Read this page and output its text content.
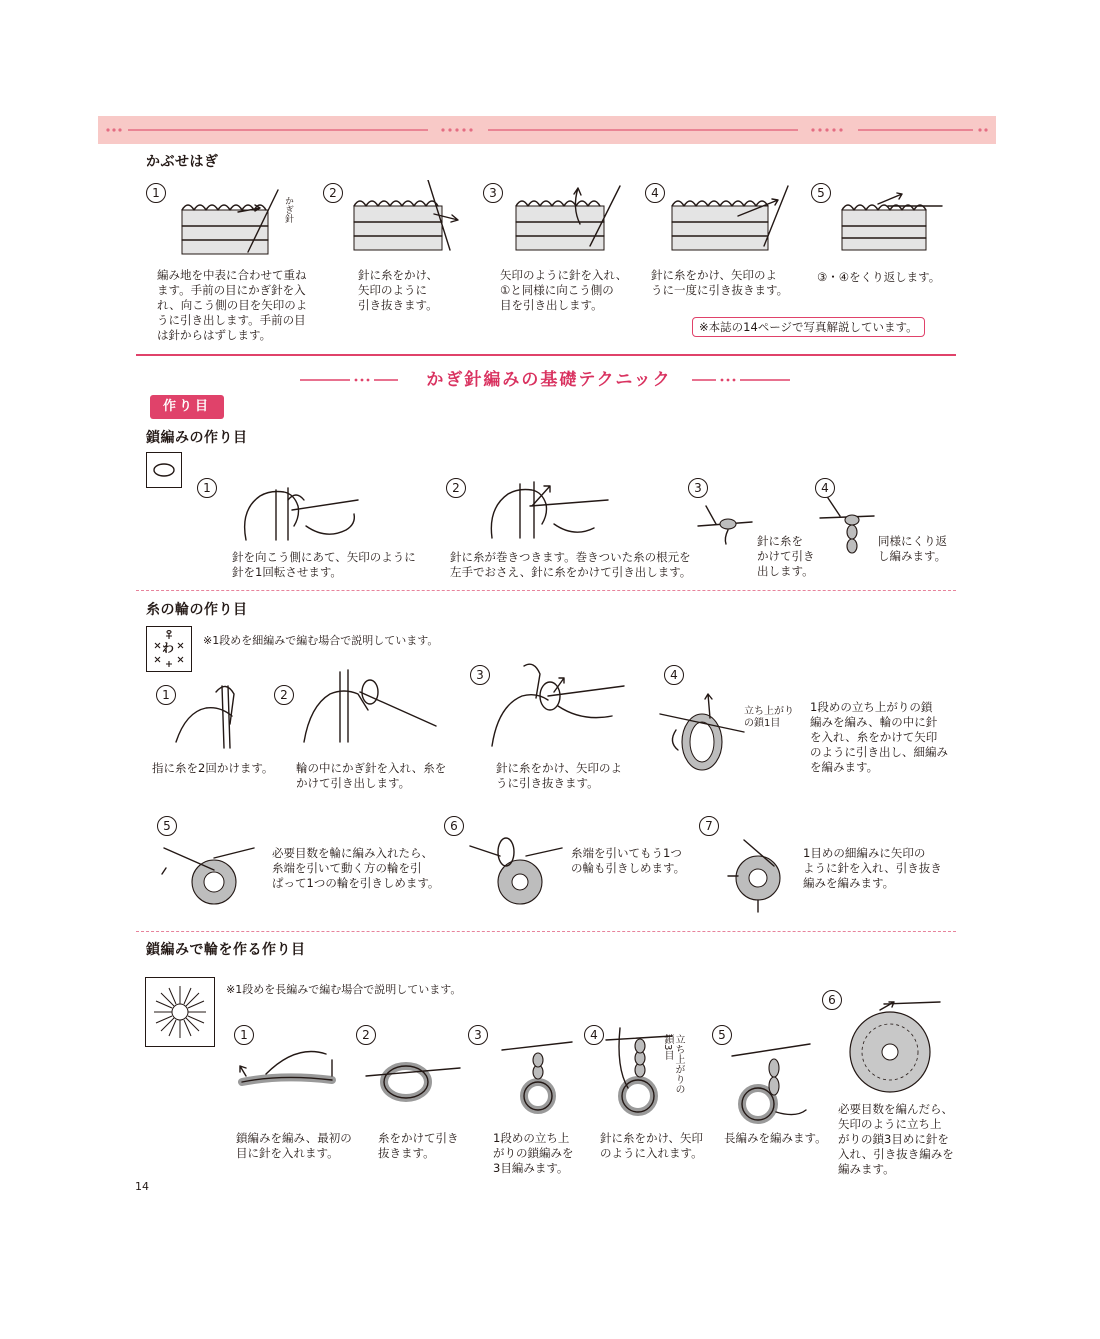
かぶせはぎ
1	2	3	4	5
かぎ針
編み地を中表に合わせて重ね
ます。手前の目にかぎ針を入
れ、向こう側の目を矢印のよ
うに引き出します。手前の目
は針からはずします。
針に糸をかけ、
矢印のように
引き抜きます。
矢印のように針を入れ、
①と同様に向こう側の
目を引き出します。
針に糸をかけ、矢印のよ
うに一度に引き抜きます。
③・④をくり返します。
※本誌の14ページで写真解説しています。
かぎ針編みの基礎テクニック
作り目
鎖編みの作り目
1	2	3	4
針を向こう側にあて、矢印のように
針を1回転させます。
針に糸が巻きつきます。巻きついた糸の根元を
左手でおさえ、針に糸をかけて引き出します。
針に糸を
かけて引き
出します。
同様にくり返
し編みます。
糸の輪の作り目
わ
※1段めを細編みで編む場合で説明しています。
1	2
3	4
立ち上がり
の鎖1目
指に糸を2回かけます。 輪の中にかぎ針を入れ、糸を
かけて引き出します。
針に糸をかけ、矢印のよ
うに引き抜きます。
1段めの立ち上がりの鎖
編みを編み、輪の中に針
を入れ、糸をかけて矢印
のように引き出し、細編み
を編みます。
5	6	7
必要目数を輪に編み入れたら、
糸端を引いて動く方の輪を引
ぱって1つの輪を引きしめます。
糸端を引いてもう1つ
の輪も引きしめます。
1目めの細編みに矢印の
ように針を入れ、引き抜き
編みを編みます。
鎖編みで輪を作る作り目
※1段めを長編みで編む場合で説明しています。
1	2	3	4	5
6
立ち上がりの
鎖3目
鎖編みを編み、最初の
目に針を入れます。
糸をかけて引き
抜きます。
1段めの立ち上
がりの鎖編みを
3目編みます。
針に糸をかけ、矢印
のように入れます。
長編みを編みます。
必要目数を編んだら、
矢印のように立ち上
がりの鎖3目めに針を
入れ、引き抜き編みを
編みます。
14
